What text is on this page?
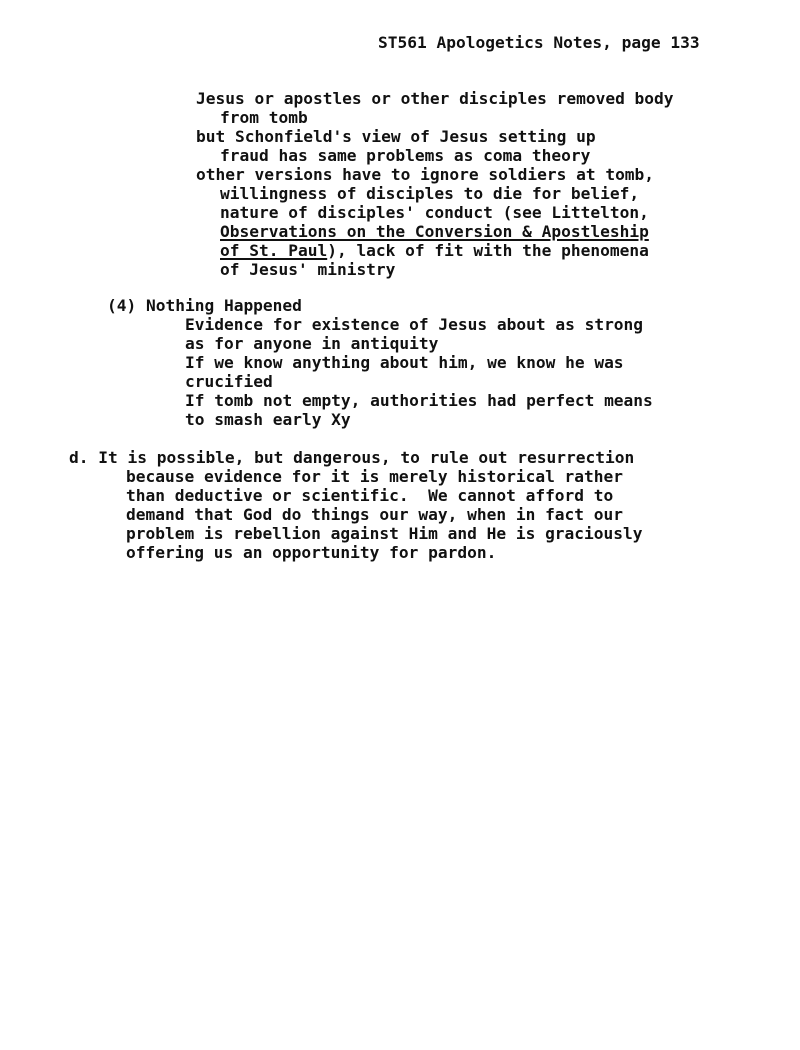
ST561 Apologetics Notes, page 133
Jesus or apostles or other disciples removed body
from tomb
but Schonfield's view of Jesus setting up
fraud has same problems as coma theory
other versions have to ignore soldiers at tomb,
willingness of disciples to die for belief,
nature of disciples' conduct (see Littelton,
Observations on the Conversion & Apostleship
of St. Paul), lack of fit with the phenomena
of Jesus' ministry
(4) Nothing Happened
Evidence for existence of Jesus about as strong
as for anyone in antiquity
If we know anything about him, we know he was
crucified
If tomb not empty, authorities had perfect means
to smash early Xy
d. It is possible, but dangerous, to rule out resurrection
because evidence for it is merely historical rather
than deductive or scientific.  We cannot afford to
demand that God do things our way, when in fact our
problem is rebellion against Him and He is graciously
offering us an opportunity for pardon.
